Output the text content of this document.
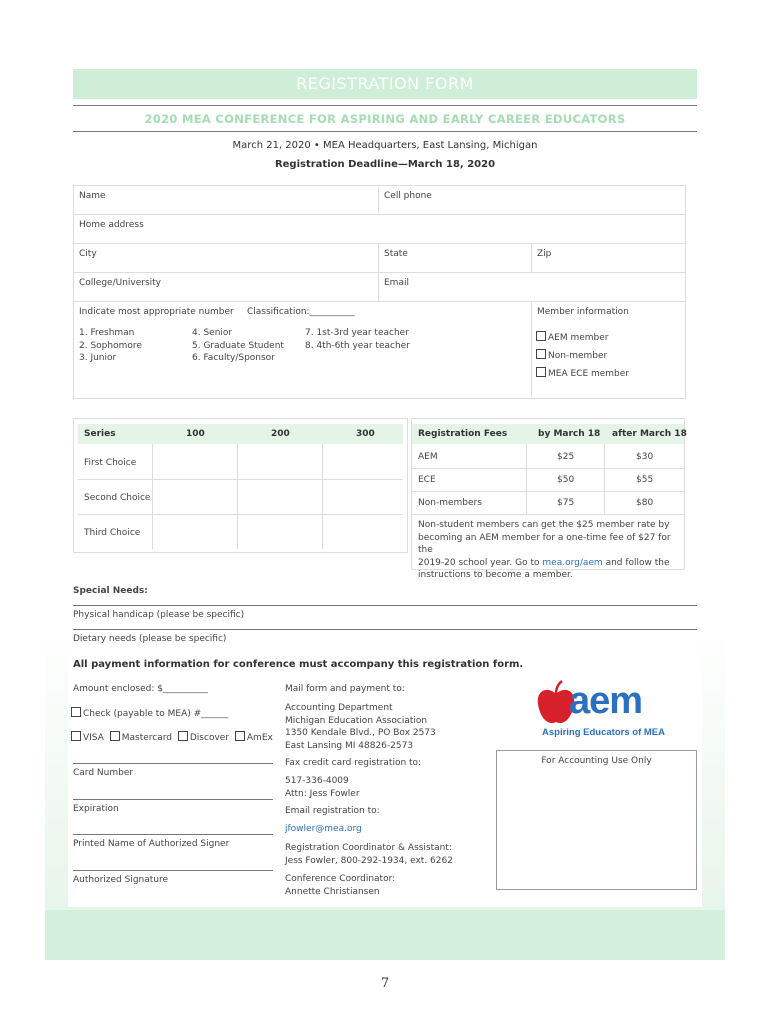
REGISTRATION FORM
2020 MEA CONFERENCE FOR ASPIRING AND EARLY CAREER EDUCATORS
March 21, 2020 • MEA Headquarters, East Lansing, Michigan
Registration Deadline—March 18, 2020
Name	Cell phone
Home address
City	State	Zip
College/University	Email
Indicate most appropriate number Classification:__________
1. Freshman
2. Sophomore
3. Junior
4. Senior
5. Graduate Student
6. Faculty/Sponsor
7. 1st-3rd year teacher
8. 4th-6th year teacher
Member information
AEM member
Non-member
MEA ECE member
Series	100	200	300
First Choice
Second Choice
Third Choice
Registration Fees	by March 18 after March 18
AEM	$25	$30
ECE	$50	$55
Non-members	$75	$80
Non-student members can get the $25 member rate by
becoming an AEM member for a one-time fee of $27 for the
2019-20 school year. Go to mea.org/aem and follow the
instructions to become a member.
Special Needs:
Physical handicap (please be specific)
Dietary needs (please be specific)
All payment information for conference must accompany this registration form.
Amount enclosed: $__________
Check (payable to MEA) #______
VISA Mastercard Discover AmEx
Card Number
Expiration
Printed Name of Authorized Signer
Authorized Signature
Mail form and payment to:
Accounting Department
Michigan Education Association
1350 Kendale Blvd., PO Box 2573
East Lansing MI 48826-2573
Fax credit card registration to:
517-336-4009
Attn: Jess Fowler
Email registration to:
jfowler@mea.org
Registration Coordinator & Assistant:
Jess Fowler, 800-292-1934, ext. 6262
Conference Coordinator:
Annette Christiansen
aem
Aspiring Educators of MEA
For Accounting Use Only
7
